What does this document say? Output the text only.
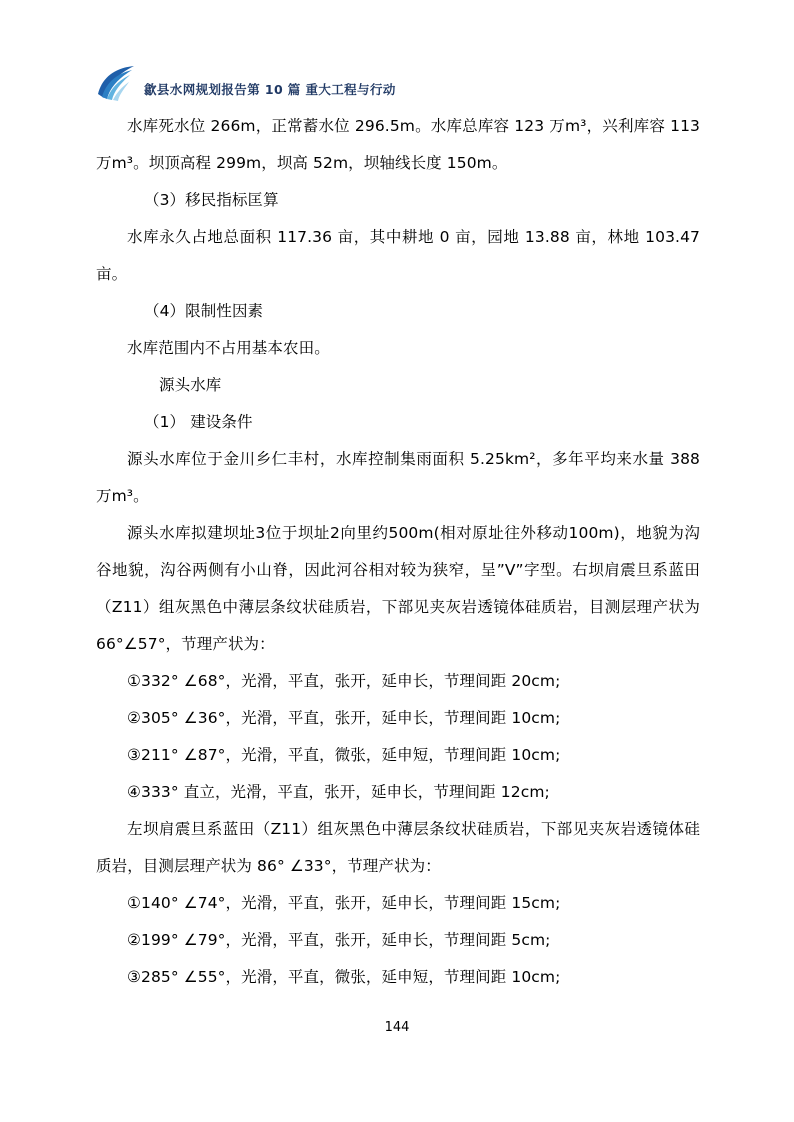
歙县水网规划报告第 10 篇 重大工程与行动

水库死水位 266m，正常蓄水位 296.5m。水库总库容 123 万m³，兴利库容 113 万m³。坝顶高程 299m，坝高 52m，坝轴线长度 150m。

（3）移民指标匡算

水库永久占地总面积 117.36 亩，其中耕地 0 亩，园地 13.88 亩，林地 103.47 亩。

（4）限制性因素

水库范围内不占用基本农田。

源头水库

（1） 建设条件

源头水库位于金川乡仁丰村，水库控制集雨面积 5.25km²，多年平均来水量 388 万m³。

源头水库拟建坝址3位于坝址2向里约500m(相对原址往外移动100m)，地貌为沟谷地貌，沟谷两侧有小山脊，因此河谷相对较为狭窄，呈”V”字型。右坝肩震旦系蓝田（Z11）组灰黑色中薄层条纹状硅质岩，下部见夹灰岩透镜体硅质岩，目测层理产状为 66°∠57°，节理产状为：

①332° ∠68°，光滑，平直，张开，延申长，节理间距 20cm;

②305° ∠36°，光滑，平直，张开，延申长，节理间距 10cm;

③211° ∠87°，光滑，平直，微张，延申短，节理间距 10cm;

④333° 直立，光滑，平直，张开，延申长，节理间距 12cm;

左坝肩震旦系蓝田（Z11）组灰黑色中薄层条纹状硅质岩，下部见夹灰岩透镜体硅质岩，目测层理产状为 86° ∠33°，节理产状为：

①140° ∠74°，光滑，平直，张开，延申长，节理间距 15cm;

②199° ∠79°，光滑，平直，张开，延申长，节理间距 5cm;

③285° ∠55°，光滑，平直，微张，延申短，节理间距 10cm;

144
